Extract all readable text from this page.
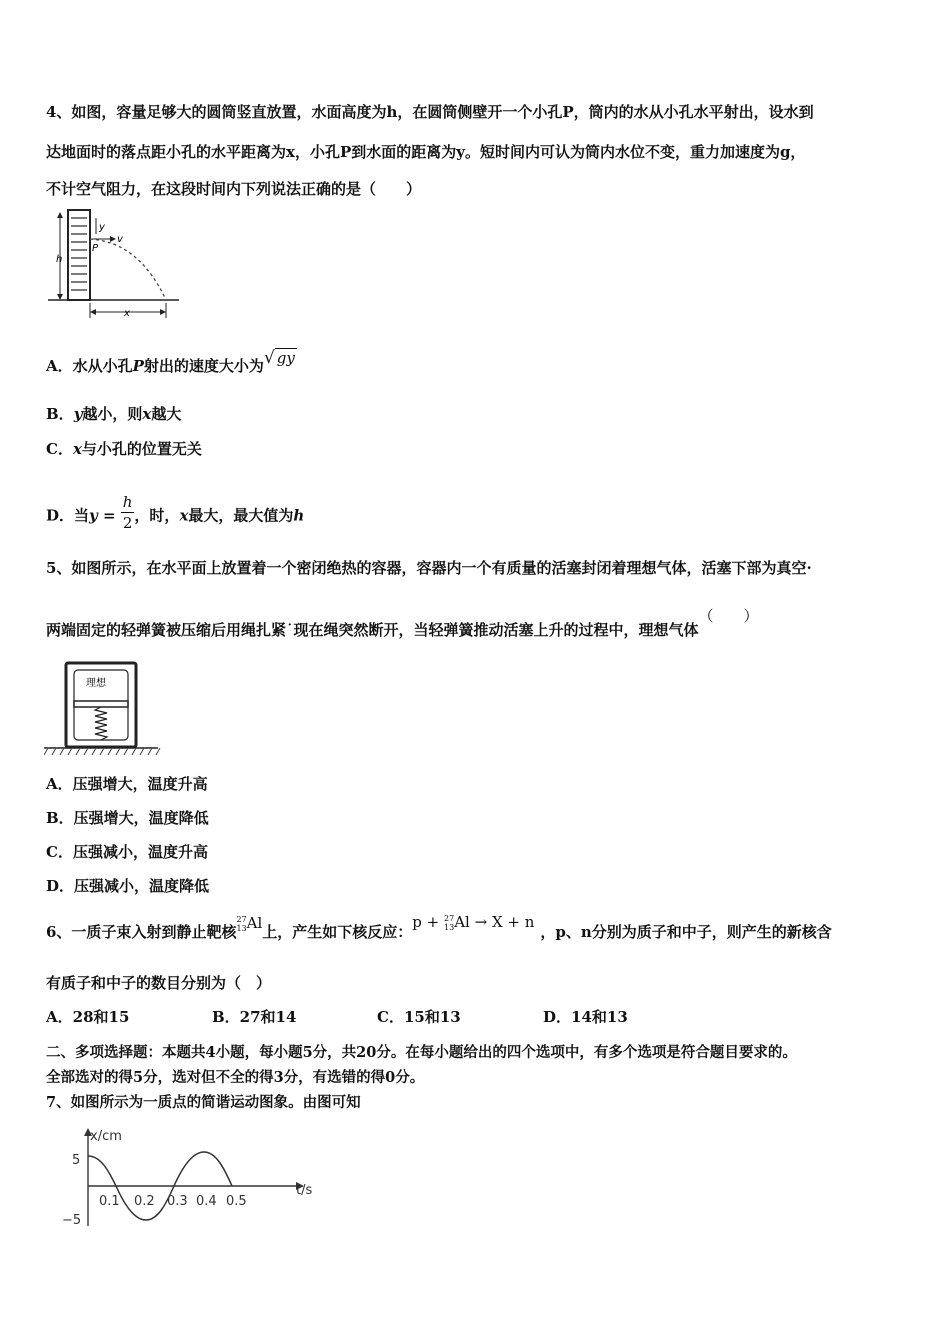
4、如图，容量足够大的圆筒竖直放置，水面高度为h，在圆筒侧壁开一个小孔P，筒内的水从小孔水平射出，设水到
达地面时的落点距小孔的水平距离为x，小孔P到水面的距离为y。短时间内可认为筒内水位不变，重力加速度为g，
不计空气阻力，在这段时间内下列说法正确的是（　　）
h
y
v
P
x
A．水从小孔P射出的速度大小为√ gy
B．y越小，则x越大
C．x与小孔的位置无关
D．当$y = \frac{h}{2}$ ，时，x最大，最大值为h
5、如图所示，在水平面上放置着一个密闭绝热的容器，容器内一个有质量的活塞封闭着理想气体，活塞下部为真空·
两端固定的轻弹簧被压缩后用绳扎紧˙现在绳突然断开，当轻弹簧推动活塞上升的过程中，理想气体（　　）
理想
A．压强增大，温度升高
B．压强增大，温度降低
C．压强减小，温度升高
D．压强减小，温度降低
6、一质子束入射到静止靶核
27
13 Al上，产生如下核反应：p + 27
13 Al → X + n，p、n分别为质子和中子，则产生的新核含
有质子和中子的数目分别为（　）
A．28和15	B．27和14	C．15和13	D．14和13
二、多项选择题：本题共4小题，每小题5分，共20分。在每小题给出的四个选项中，有多个选项是符合题目要求的。
全部选对的得5分，选对但不全的得3分，有选错的得0分。
7、如图所示为一质点的简谐运动图象。由图可知
x/cm
t/s
5
−5
0.1 0.2 0.3 0.4 0.5
